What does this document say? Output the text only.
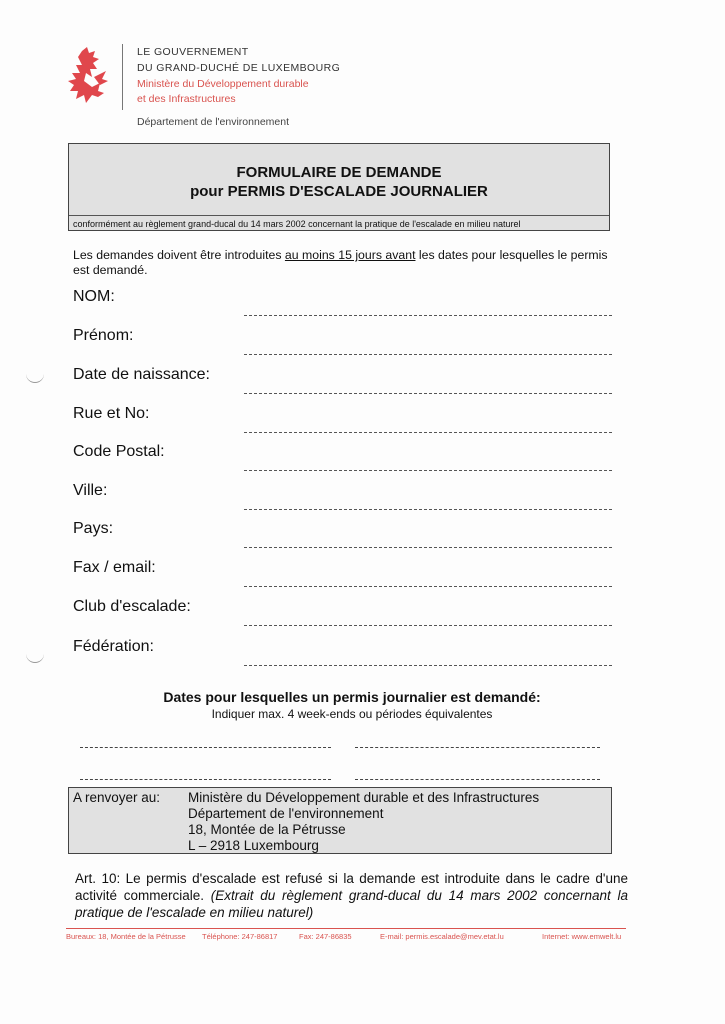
LE GOUVERNEMENT
DU GRAND-DUCHÉ DE LUXEMBOURG
Ministère du Développement durable
et des Infrastructures
Département de l'environnement
FORMULAIRE DE DEMANDE
pour PERMIS D'ESCALADE JOURNALIER
conformément au règlement grand-ducal du 14 mars 2002 concernant la pratique de l'escalade en milieu naturel
Les demandes doivent être introduites au moins 15 jours avant les dates pour lesquelles le permis est demandé.
NOM:
Prénom:
Date de naissance:
Rue et No:
Code Postal:
Ville:
Pays:
Fax / email:
Club d'escalade:
Fédération:
Dates pour lesquelles un permis journalier est demandé:
Indiquer max. 4 week-ends ou périodes équivalentes
A renvoyer au: Ministère du Développement durable et des Infrastructures
Département de l'environnement
18, Montée de la Pétrusse
L – 2918 Luxembourg
Art. 10: Le permis d'escalade est refusé si la demande est introduite dans le cadre d'une activité commerciale. (Extrait du règlement grand-ducal du 14 mars 2002 concernant la pratique de l'escalade en milieu naturel)
Bureaux: 18, Montée de la Pétrusse Téléphone: 247-86817	Fax: 247-86835	E-mail: permis.escalade@mev.etat.lu	Internet: www.emwelt.lu
